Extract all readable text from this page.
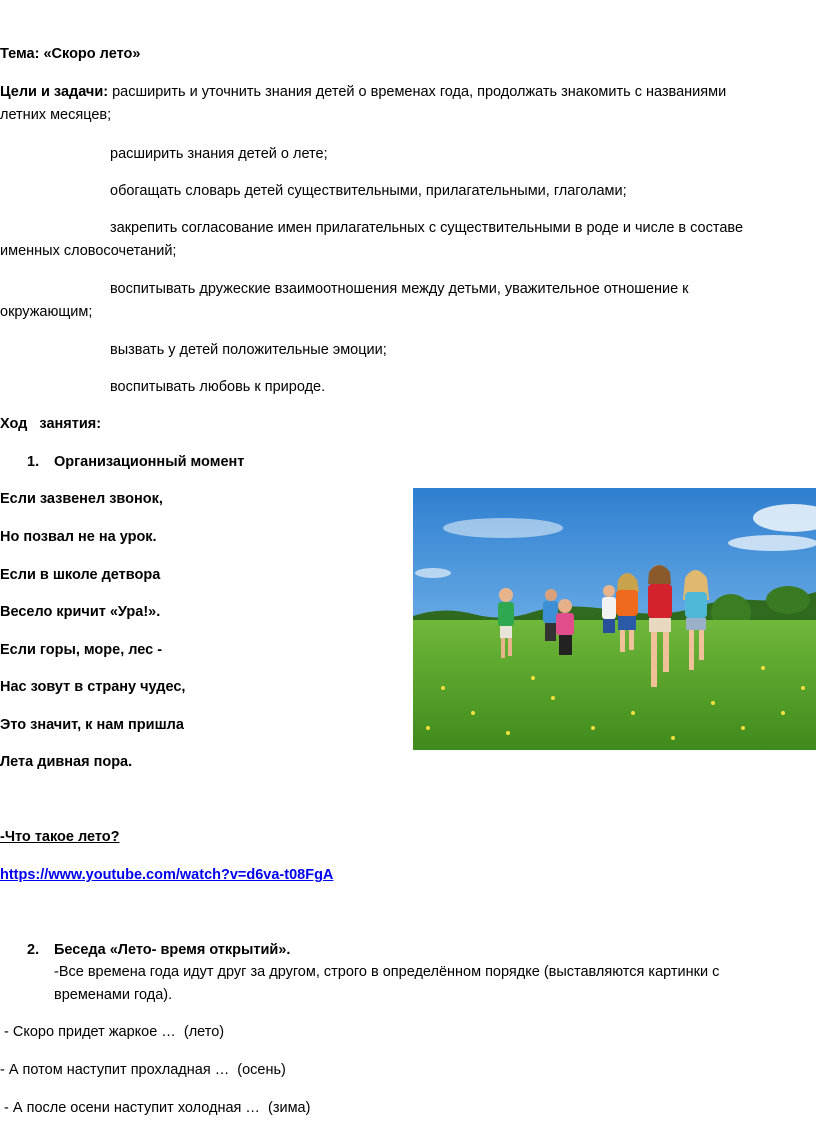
Тема: «Скоро лето»
Цели и задачи: расширить и уточнить знания детей о временах года, продолжать знакомить с названиями
летних месяцев;
расширить знания детей о лете;
обогащать словарь детей существительными, прилагательными, глаголами;
закрепить согласование имен прилагательных с существительными в роде и числе в составе
именных словосочетаний;
воспитывать дружеские взаимоотношения между детьми, уважительное отношение к
окружающим;
вызвать у детей положительные эмоции;
воспитывать любовь к природе.
Ход   занятия:
1. Организационный момент
Если зазвенел звонок,
Но позвал не на урок.
Если в школе детвора
Весело кричит «Ура!».
Если горы, море, лес -
Нас зовут в страну чудес,
Это значит, к нам пришла
Лета дивная пора.
-Что такое лето?
https://www.youtube.com/watch?v=d6va-t08FgA
2. Беседа «Лето- время открытий».
-Все времена года идут друг за другом, строго в определённом порядке (выставляются картинки с
временами года).
- Скоро придет жаркое …  (лето)
- А потом наступит прохладная …  (осень)
- А после осени наступит холодная …  (зима)
